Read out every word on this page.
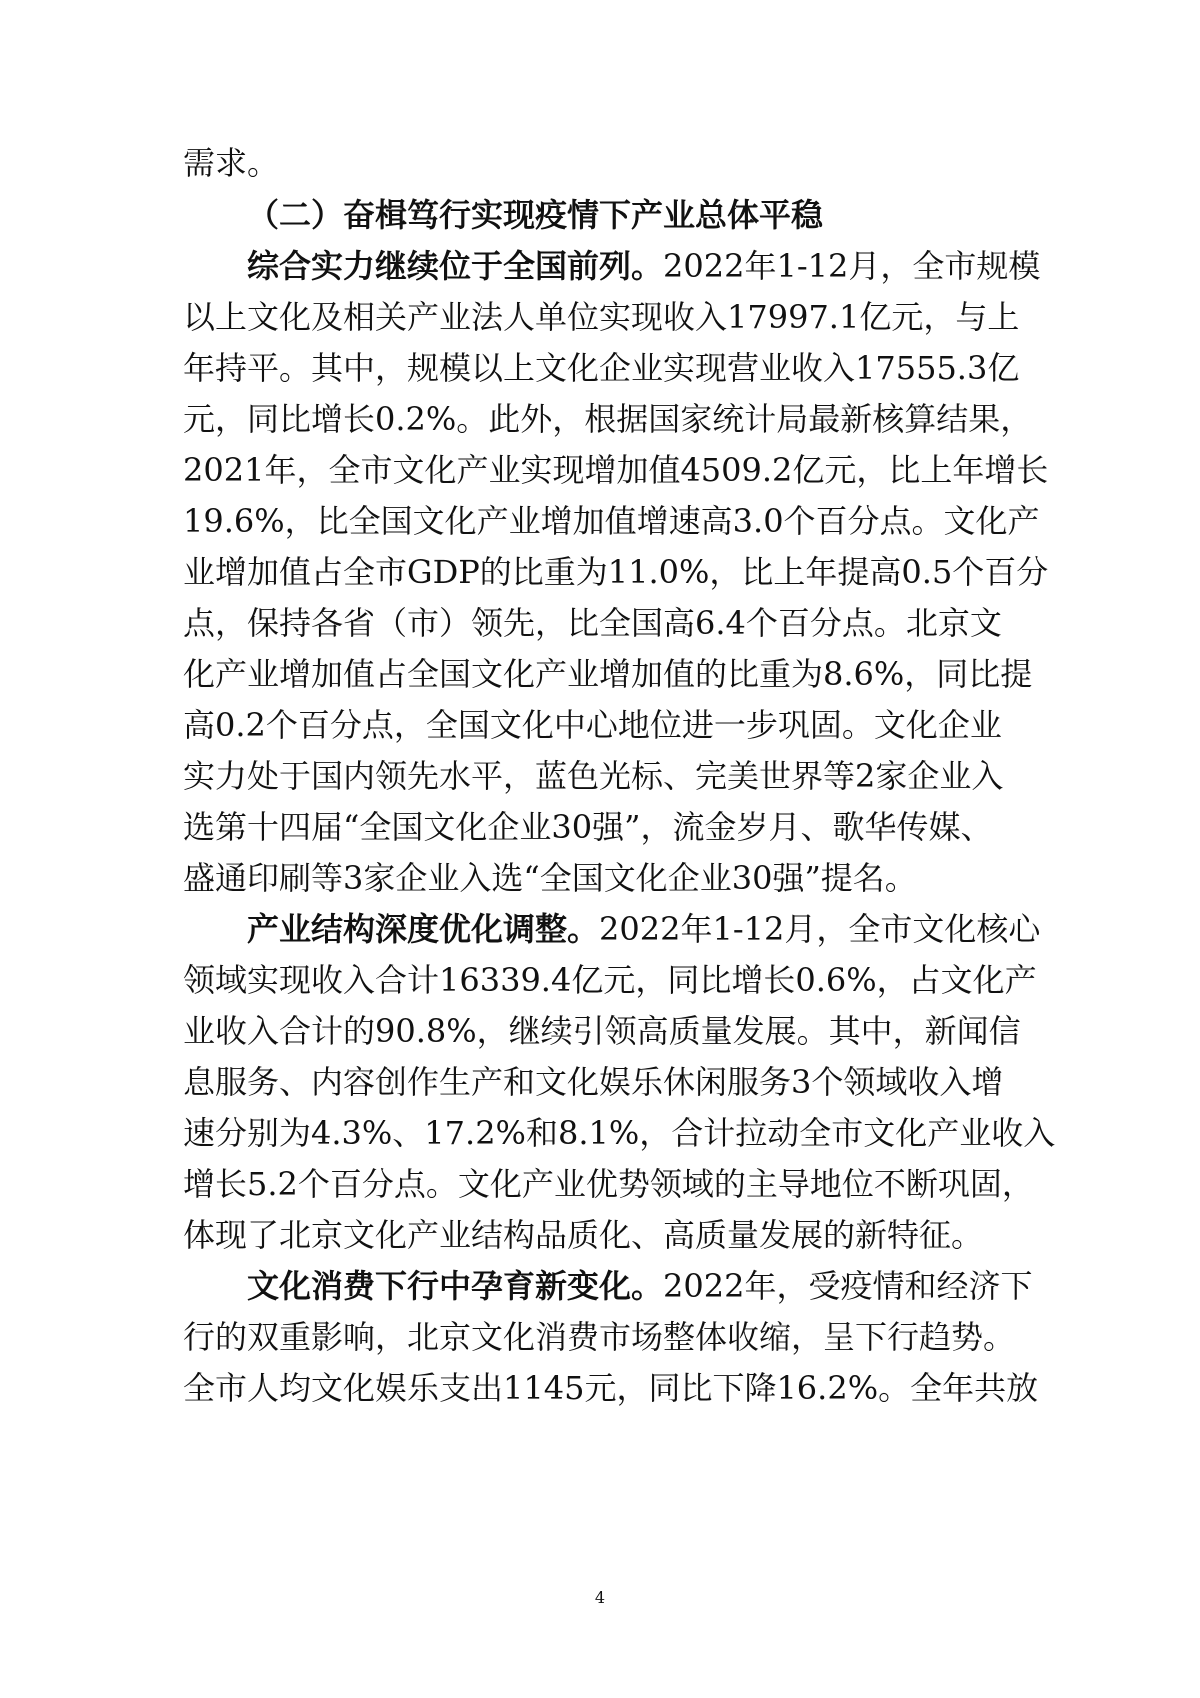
需求。
（二）奋楫笃行实现疫情下产业总体平稳
综合实力继续位于全国前列。2022年1-12月，全市规模
以上文化及相关产业法人单位实现收入17997.1亿元，与上
年持平。其中，规模以上文化企业实现营业收入17555.3亿
元，同比增长0.2%。此外，根据国家统计局最新核算结果，
2021年，全市文化产业实现增加值4509.2亿元，比上年增长
19.6%，比全国文化产业增加值增速高3.0个百分点。文化产
业增加值占全市GDP的比重为11.0%，比上年提高0.5个百分
点，保持各省（市）领先，比全国高6.4个百分点。北京文
化产业增加值占全国文化产业增加值的比重为8.6%，同比提
高0.2个百分点，全国文化中心地位进一步巩固。文化企业
实力处于国内领先水平，蓝色光标、完美世界等2家企业入
选第十四届“全国文化企业30强”，流金岁月、歌华传媒、
盛通印刷等3家企业入选“全国文化企业30强”提名。
产业结构深度优化调整。2022年1-12月，全市文化核心
领域实现收入合计16339.4亿元，同比增长0.6%，占文化产
业收入合计的90.8%，继续引领高质量发展。其中，新闻信
息服务、内容创作生产和文化娱乐休闲服务3个领域收入增
速分别为4.3%、17.2%和8.1%，合计拉动全市文化产业收入
增长5.2个百分点。文化产业优势领域的主导地位不断巩固，
体现了北京文化产业结构品质化、高质量发展的新特征。
文化消费下行中孕育新变化。2022年，受疫情和经济下
行的双重影响，北京文化消费市场整体收缩，呈下行趋势。
全市人均文化娱乐支出1145元，同比下降16.2%。全年共放
4
